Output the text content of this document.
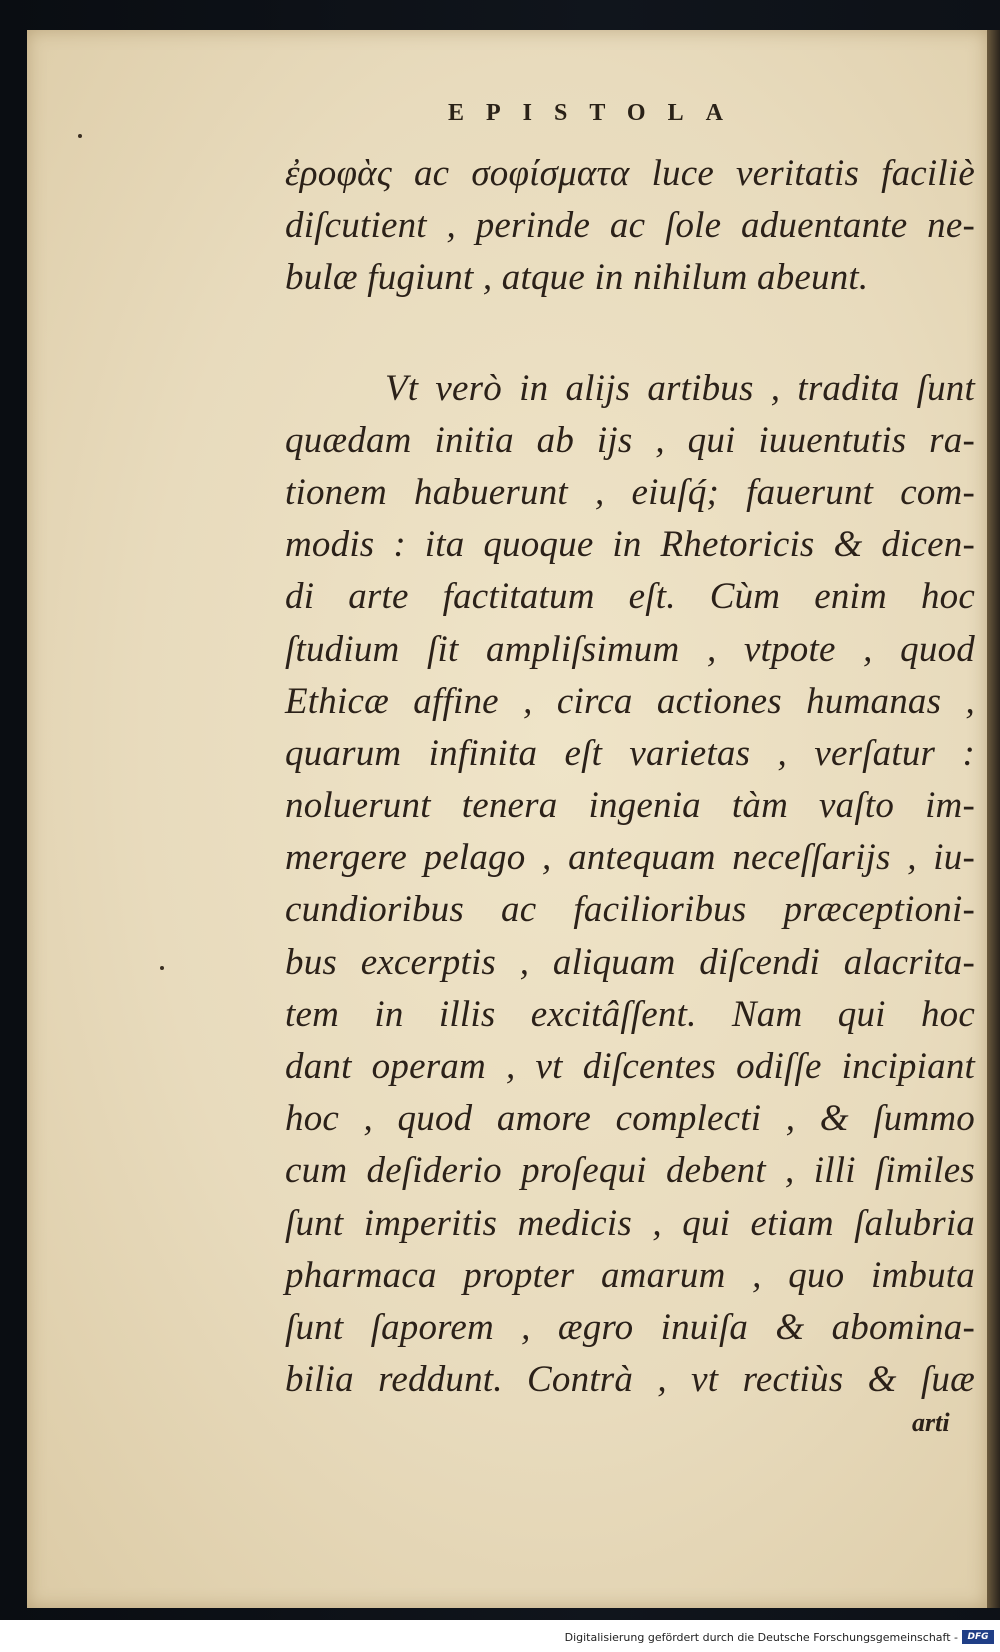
EPISTOLA
ἐροφὰς ac σοφίσματα luce veritatis faciliè
diſcutient , perinde ac ſole aduentante ne-
bulæ fugiunt , atque in nihilum abeunt.
Vt verò in alijs artibus , tradita ſunt
quædam initia ab ijs , qui iuuentutis ra-
tionem habuerunt , eiuſq́; fauerunt com-
modis : ita quoque in Rhetoricis & dicen-
di arte factitatum eſt. Cùm enim hoc
ſtudium ſit ampliſsimum , vtpote , quod
Ethicæ affine , circa actiones humanas ,
quarum infinita eſt varietas , verſatur :
noluerunt tenera ingenia tàm vaſto im-
mergere pelago , antequam neceſſarijs , iu-
cundioribus ac facilioribus præceptioni-
bus excerptis , aliquam diſcendi alacrita-
tem in illis excitâſſent. Nam qui hoc
dant operam , vt diſcentes odiſſe incipiant
hoc , quod amore complecti , & ſummo
cum deſiderio proſequi debent , illi ſimiles
ſunt imperitis medicis , qui etiam ſalubria
pharmaca propter amarum , quo imbuta
ſunt ſaporem , ægro inuiſa & abomina-
bilia reddunt. Contrà , vt rectiùs & ſuæ
arti
Digitalisierung gefördert durch die Deutsche Forschungsgemeinschaft -	DFG
